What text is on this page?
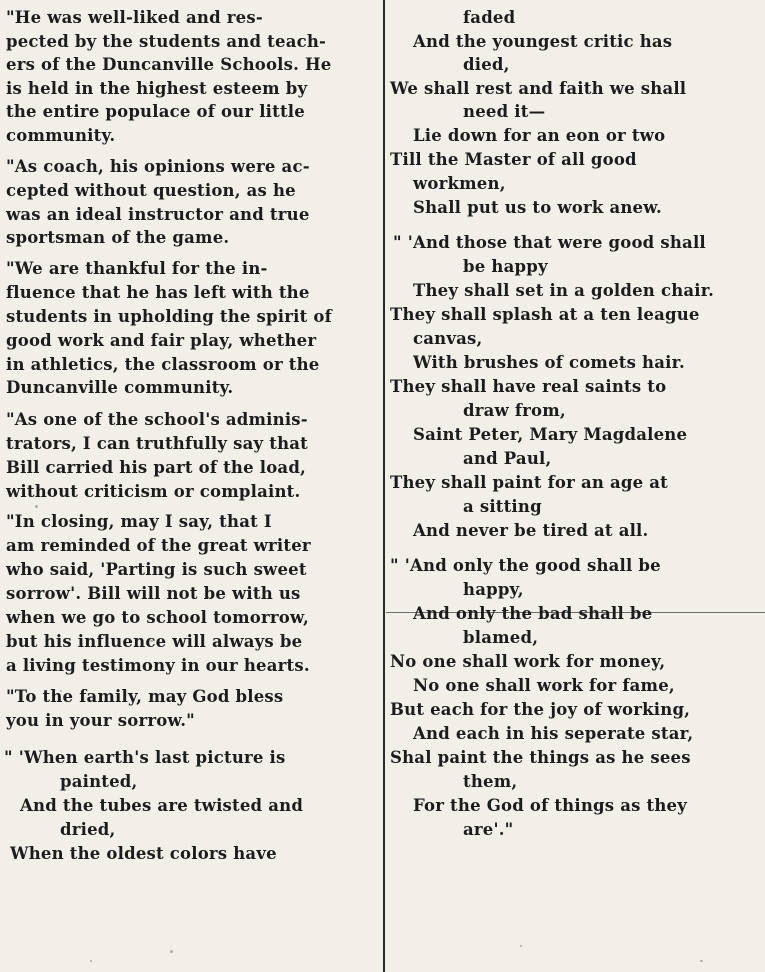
"He was well-liked and res-
pected by the students and teach-
ers of the Duncanville Schools. He
is held in the highest esteem by
the entire populace of our little
community.
"As coach, his opinions were ac-
cepted without question, as he
was an ideal instructor and true
sportsman of the game.
"We are thankful for the in-
fluence that he has left with the
students in upholding the spirit of
good work and fair play, whether
in athletics, the classroom or the
Duncanville community.
"As one of the school's adminis-
trators, I can truthfully say that
Bill carried his part of the load,
without criticism or complaint.
"In closing, may I say, that I
am reminded of the great writer
who said, 'Parting is such sweet
sorrow'. Bill will not be with us
when we go to school tomorrow,
but his influence will always be
a living testimony in our hearts.
"To the family, may God bless
you in your sorrow."
" 'When earth's last picture is
painted,
And the tubes are twisted and
dried,
When the oldest colors have
faded
And the youngest critic has
died,
We shall rest and faith we shall
need it—
Lie down for an eon or two
Till the Master of all good
workmen,
Shall put us to work anew.
" 'And those that were good shall
be happy
They shall set in a golden chair.
They shall splash at a ten league
canvas,
With brushes of comets hair.
They shall have real saints to
draw from,
Saint Peter, Mary Magdalene
and Paul,
They shall paint for an age at
a sitting
And never be tired at all.
" 'And only the good shall be
happy,
And only the bad shall be
blamed,
No one shall work for money,
No one shall work for fame,
But each for the joy of working,
And each in his seperate star,
Shal paint the things as he sees
them,
For the God of things as they
are'."
